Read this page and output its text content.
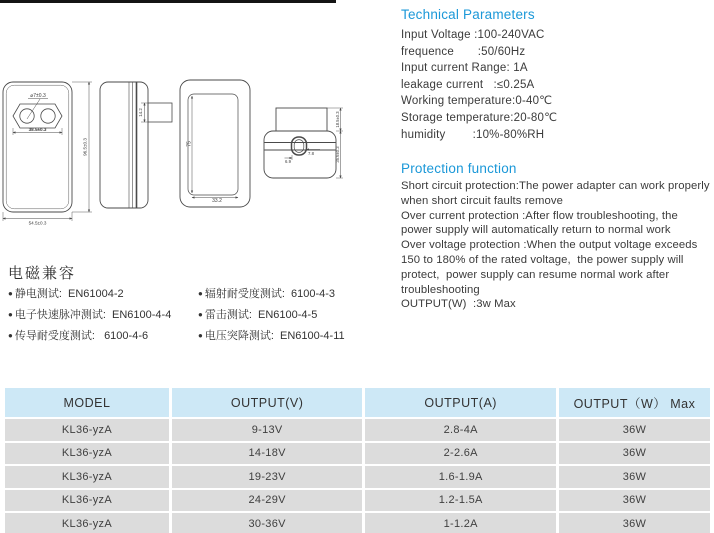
⌀7±0.3
38.5±0.3
96.5±0.3
54.5±0.3
14.2
75
33.2
6.9
7.8
18.5±0.3
35.6±0.3
Technical Parameters
Input Voltage :100-240VAC
frequence       :50/60Hz
Input current Range: 1A
leakage current   :≤0.25A
Working temperature:0-40℃
Storage temperature:20-80℃
humidity        :10%-80%RH
Protection function
Short circuit protection:The power adapter can work properly
when short circuit faults remove
Over current protection :After flow troubleshooting, the
power supply will automatically return to normal work
Over voltage protection :When the output voltage exceeds
150 to 180% of the rated voltage,  the power supply will
protect,  power supply can resume normal work after
troubleshooting
OUTPUT(W)  :3w Max
电磁兼容
● 静电测试:  EN61004-2	● 辐射耐受度测试:  6100-4-3
● 电子快速脉冲测试:  EN6100-4-4	● 雷击测试:  EN6100-4-5
● 传导耐受度测试:   6100-4-6	● 电压突降测试:  EN6100-4-11
MODEL	OUTPUT(V)	OUTPUT(A)	OUTPUT（W） Max
KL36-yzA	9-13V	2.8-4A	36W
KL36-yzA	14-18V	2-2.6A	36W
KL36-yzA	19-23V	1.6-1.9A	36W
KL36-yzA	24-29V	1.2-1.5A	36W
KL36-yzA	30-36V	1-1.2A	36W
